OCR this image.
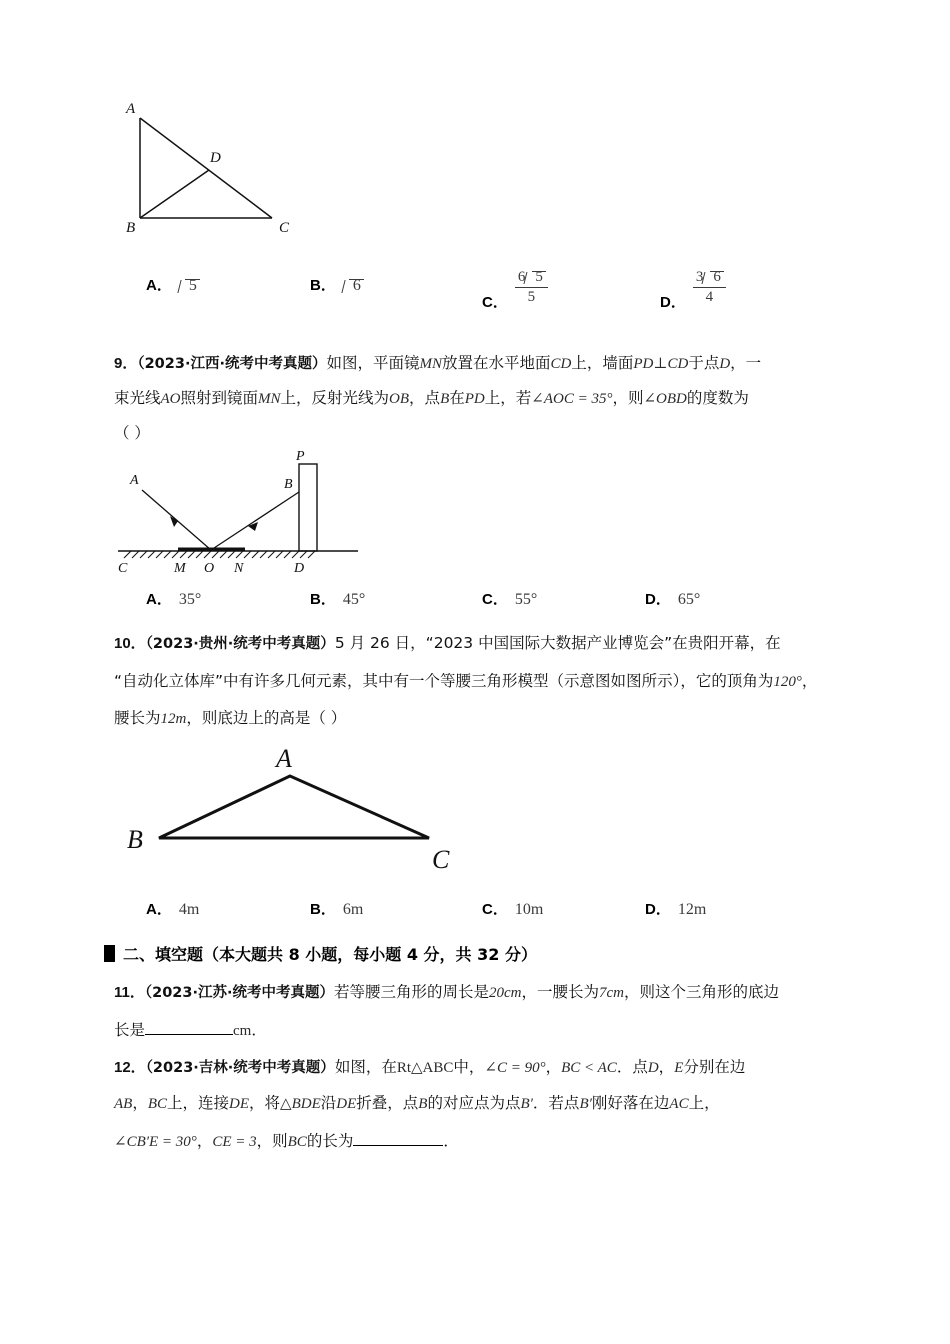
A
B	C
D
A．	5	B．	6
C． $\frac{6 5}{5}$	D． $\frac{3 6}{4}$
9．（2023·江西·统考中考真题）如图，平面镜MN放置在水平地面CD上，墙面PD⊥CD于点D，一
束光线AO照射到镜面MN上，反射光线为OB，点B在PD上，若∠AOC = 35°，则∠OBD的度数为
（ ）
A
P
B
C	M O N	D
A． 35°	B． 45°	C． 55°	D． 65°
10．（2023·贵州·统考中考真题）5 月 26 日，“2023 中国国际大数据产业博览会”在贵阳开幕，在
“自动化立体库”中有许多几何元素，其中有一个等腰三角形模型（示意图如图所示），它的顶角为120°，
腰长为12m，则底边上的高是（ ）
A
B
C
A． 4m	B． 6m	C． 10m	D． 12m
二、填空题（本大题共 8 小题，每小题 4 分，共 32 分）
11．（2023·江苏·统考中考真题）若等腰三角形的周长是20cm，一腰长为7cm，则这个三角形的底边
长是	cm．
12．（2023·吉林·统考中考真题）如图，在Rt△ABC中，∠C = 90°，BC < AC．点D，E分别在边
AB，BC上，连接DE，将△BDE沿DE折叠，点B的对应点为点B′．若点B′刚好落在边AC上，
∠CB′E = 30°，CE = 3，则BC的长为	．
